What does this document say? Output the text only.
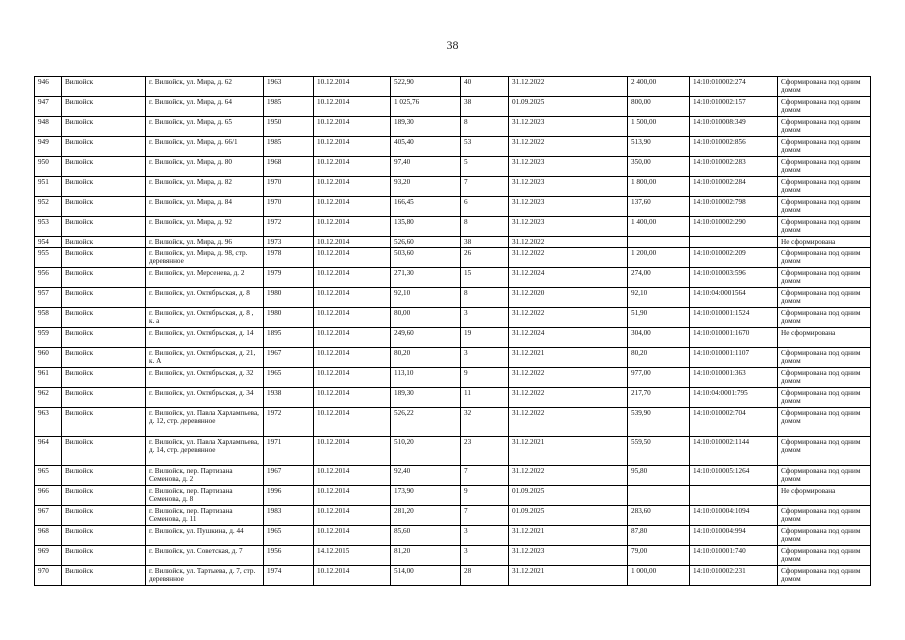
38
946	Вилюйск	г. Вилюйск, ул. Мира, д. 62	1963	10.12.2014	522,90	40	31.12.2022	2 400,00	14:10:010002:274	Сформирована под одним домом
947	Вилюйск	г. Вилюйск, ул. Мира, д. 64	1985	10.12.2014	1 025,76	38	01.09.2025	800,00	14:10:010002:157	Сформирована под одним домом
948	Вилюйск	г. Вилюйск, ул. Мира, д. 65	1950	10.12.2014	189,30	8	31.12.2023	1 500,00	14:10:010008:349	Сформирована под одним домом
949	Вилюйск	г. Вилюйск, ул. Мира, д. 66/1	1985	10.12.2014	405,40	53	31.12.2022	513,90	14:10:010002:856	Сформирована под одним домом
950	Вилюйск	г. Вилюйск, ул. Мира, д. 80	1968	10.12.2014	97,40	5	31.12.2023	350,00	14:10:010002:283	Сформирована под одним домом
951	Вилюйск	г. Вилюйск, ул. Мира, д. 82	1970	10.12.2014	93,20	7	31.12.2023	1 800,00	14:10:010002:284	Сформирована под одним домом
952	Вилюйск	г. Вилюйск, ул. Мира, д. 84	1970	10.12.2014	166,45	6	31.12.2023	137,60	14:10:010002:798	Сформирована под одним домом
953	Вилюйск	г. Вилюйск, ул. Мира, д. 92	1972	10.12.2014	135,80	8	31.12.2023	1 400,00	14:10:010002:290	Сформирована под одним домом
954	Вилюйск	г. Вилюйск, ул. Мира, д. 96	1973	10.12.2014	526,60	38	31.12.2022			Не сформирована
955	Вилюйск	г. Вилюйск, ул. Мира, д. 98, стр. деревянное	1978	10.12.2014	503,60	26	31.12.2022	1 200,00	14:10:010002:209	Сформирована под одним домом
956	Вилюйск	г. Вилюйск, ул. Мерсенева, д. 2	1979	10.12.2014	271,30	15	31.12.2024	274,00	14:10:010003:596	Сформирована под одним домом
957	Вилюйск	г. Вилюйск, ул. Октябрьская, д. 8	1980	10.12.2014	92,10	8	31.12.2020	92,10	14:10:04:0001564	Сформирована под одним домом
958	Вилюйск	г. Вилюйск, ул. Октябрьская, д. 8 , к. а	1980	10.12.2014	80,00	3	31.12.2022	51,90	14:10:010001:1524	Сформирована под одним домом
959	Вилюйск	г. Вилюйск, ул. Октябрьская, д. 14	1895	10.12.2014	249,60	19	31.12.2024	304,00	14:10:010001:1670	Не сформирована
960	Вилюйск	г. Вилюйск, ул. Октябрьская, д. 21, к. А	1967	10.12.2014	80,20	3	31.12.2021	80,20	14:10:010001:1107	Сформирована под одним домом
961	Вилюйск	г. Вилюйск, ул. Октябрьская, д. 32	1965	10.12.2014	113,10	9	31.12.2022	977,00	14:10:010001:363	Сформирована под одним домом
962	Вилюйск	г. Вилюйск, ул. Октябрьская, д. 34	1938	10.12.2014	189,30	11	31.12.2022	217,70	14:10:04:0001:795	Сформирована под одним домом
963	Вилюйск	г. Вилюйск, ул. Павла Харлампьева, д. 12, стр. деревянное	1972	10.12.2014	526,22	32	31.12.2022	539,90	14:10:010002:704	Сформирована под одним домом
964	Вилюйск	г. Вилюйск, ул. Павла Харлампьева, д. 14, стр. деревянное	1971	10.12.2014	510,20	23	31.12.2021	559,50	14:10:010002:1144	Сформирована под одним домом
965	Вилюйск	г. Вилюйск, пер. Партизана Семенова, д. 2	1967	10.12.2014	92,40	7	31.12.2022	95,80	14:10:010005:1264	Сформирована под одним домом
966	Вилюйск	г. Вилюйск, пер. Партизана Семенова, д. 8	1996	10.12.2014	173,90	9	01.09.2025			Не сформирована
967	Вилюйск	г. Вилюйск, пер. Партизана Семенова, д. 11	1983	10.12.2014	281,20	7	01.09.2025	283,60	14:10:010004:1094	Сформирована под одним домом
968	Вилюйск	г. Вилюйск, ул. Пушкина, д. 44	1965	10.12.2014	85,60	3	31.12.2021	87,80	14:10:010004:994	Сформирована под одним домом
969	Вилюйск	г. Вилюйск, ул. Советская, д. 7	1956	14.12.2015	81,20	3	31.12.2023	79,00	14:10:010001:740	Сформирована под одним домом
970	Вилюйск	г. Вилюйск, ул. Тартыева, д. 7, стр. деревянное	1974	10.12.2014	514,00	28	31.12.2021	1 000,00	14:10:010002:231	Сформирована под одним домом
